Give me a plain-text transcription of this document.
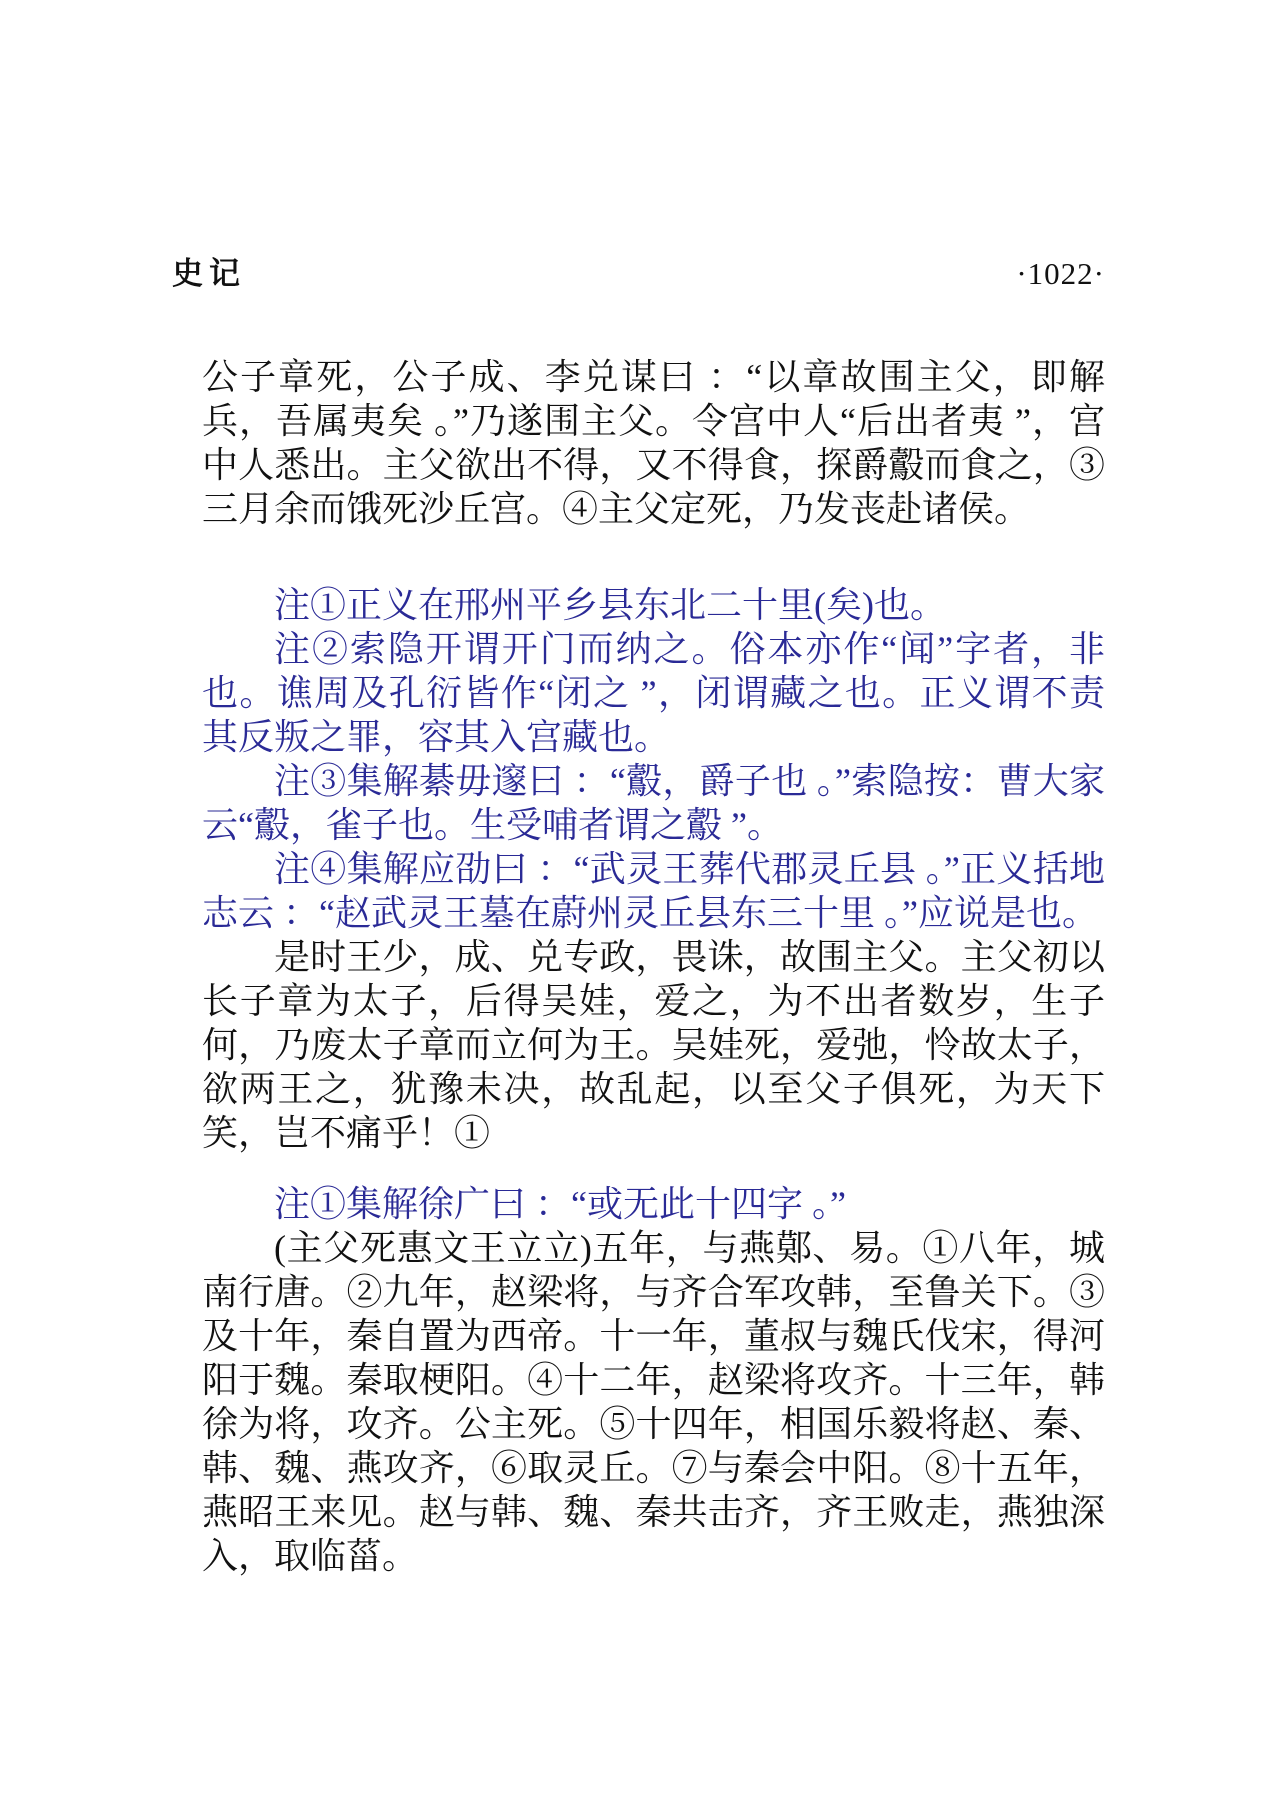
史记	·1022·

公子章死，公子成、李兑谋曰 ：“以章故围主父，即解兵，吾属夷矣 。”乃遂围主父。令宫中人“后出者夷 ”，宫中人悉出。主父欲出不得，又不得食，探爵鷇而食之，③三月余而饿死沙丘宫。④主父定死，乃发丧赴诸侯。

注①正义在邢州平乡县东北二十里(矣)也。

注②索隐开谓开门而纳之。俗本亦作“闻”字者，非也。谯周及孔衍皆作“闭之 ”，闭谓藏之也。正义谓不责其反叛之罪，容其入宫藏也。

注③集解綦毋邃曰 ：“鷇，爵子也 。”索隐按：曹大家云“鷇，雀子也。生受哺者谓之鷇 ”。

注④集解应劭曰 ：“武灵王葬代郡灵丘县 。”正义括地志云 ：“赵武灵王墓在蔚州灵丘县东三十里 。”应说是也。

是时王少，成、兑专政，畏诛，故围主父。主父初以长子章为太子，后得吴娃，爱之，为不出者数岁，生子何，乃废太子章而立何为王。吴娃死，爱弛，怜故太子，欲两王之，犹豫未决，故乱起，以至父子俱死，为天下笑，岂不痛乎！①

注①集解徐广曰 ：“或无此十四字 。”

(主父死惠文王立立)五年，与燕鄚、易。①八年，城南行唐。②九年，赵梁将，与齐合军攻韩，至鲁关下。③及十年，秦自置为西帝。十一年，董叔与魏氏伐宋，得河阳于魏。秦取梗阳。④十二年，赵梁将攻齐。十三年，韩徐为将，攻齐。公主死。⑤十四年，相国乐毅将赵、秦、韩、魏、燕攻齐，⑥取灵丘。⑦与秦会中阳。⑧十五年，燕昭王来见。赵与韩、魏、秦共击齐，齐王败走，燕独深入，取临菑。
